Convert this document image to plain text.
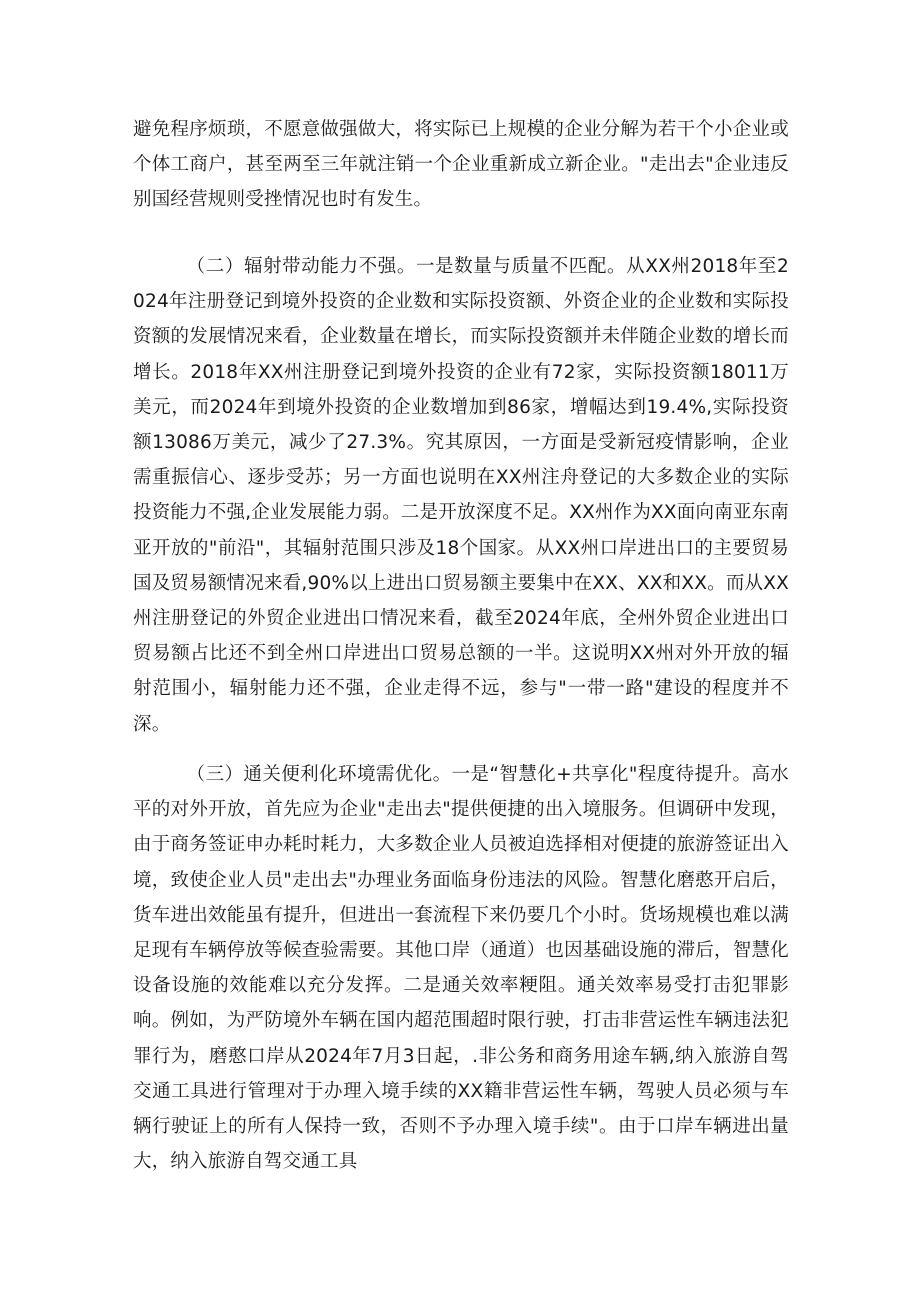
避免程序烦琐，不愿意做强做大，将实际已上规模的企业分解为若干个小企业或个体工商户，甚至两至三年就注销一个企业重新成立新企业。"走出去"企业违反别国经营规则受挫情况也时有发生。

（二）辐射带动能力不强。一是数量与质量不匹配。从XX州2018年至2024年注册登记到境外投资的企业数和实际投资额、外资企业的企业数和实际投资额的发展情况来看，企业数量在增长，而实际投资额并未伴随企业数的增长而增长。2018年XX州注册登记到境外投资的企业有72家，实际投资额18011万美元，而2024年到境外投资的企业数增加到86家，增幅达到19.4%,实际投资额13086万美元，减少了27.3%。究其原因，一方面是受新冠疫情影响，企业需重振信心、逐步受苏；另一方面也说明在XX州注舟登记的大多数企业的实际投资能力不强,企业发展能力弱。二是开放深度不足。XX州作为XX面向南亚东南亚开放的"前沿"，其辐射范围只涉及18个国家。从XX州口岸进出口的主要贸易国及贸易额情况来看,90%以上进出口贸易额主要集中在XX、XX和XX。而从XX州注册登记的外贸企业进出口情况来看，截至2024年底，全州外贸企业进出口贸易额占比还不到全州口岸进出口贸易总额的一半。这说明XX州对外开放的辐射范围小，辐射能力还不强，企业走得不远，参与"一带一路"建设的程度并不深。

（三）通关便利化环境需优化。一是“智慧化+共享化"程度待提升。高水平的对外开放，首先应为企业"走出去"提供便捷的出入境服务。但调研中发现，由于商务签证申办耗时耗力，大多数企业人员被迫选择相对便捷的旅游签证出入境，致使企业人员"走出去"办理业务面临身份违法的风险。智慧化磨憨开启后，货车进出效能虽有提升，但进出一套流程下来仍要几个小时。货场规模也难以满足现有车辆停放等候查验需要。其他口岸（通道）也因基础设施的滞后，智慧化设备设施的效能难以充分发挥。二是通关效率粳阻。通关效率易受打击犯罪影响。例如，为严防境外车辆在国内超范围超时限行驶，打击非营运性车辆违法犯罪行为，磨憨口岸从2024年7月3日起，.非公务和商务用途车辆,纳入旅游自驾交通工具进行管理对于办理入境手续的XX籍非营运性车辆，驾驶人员必须与车辆行驶证上的所有人保持一致，否则不予办理入境手续"。由于口岸车辆进出量大，纳入旅游自驾交通工具
